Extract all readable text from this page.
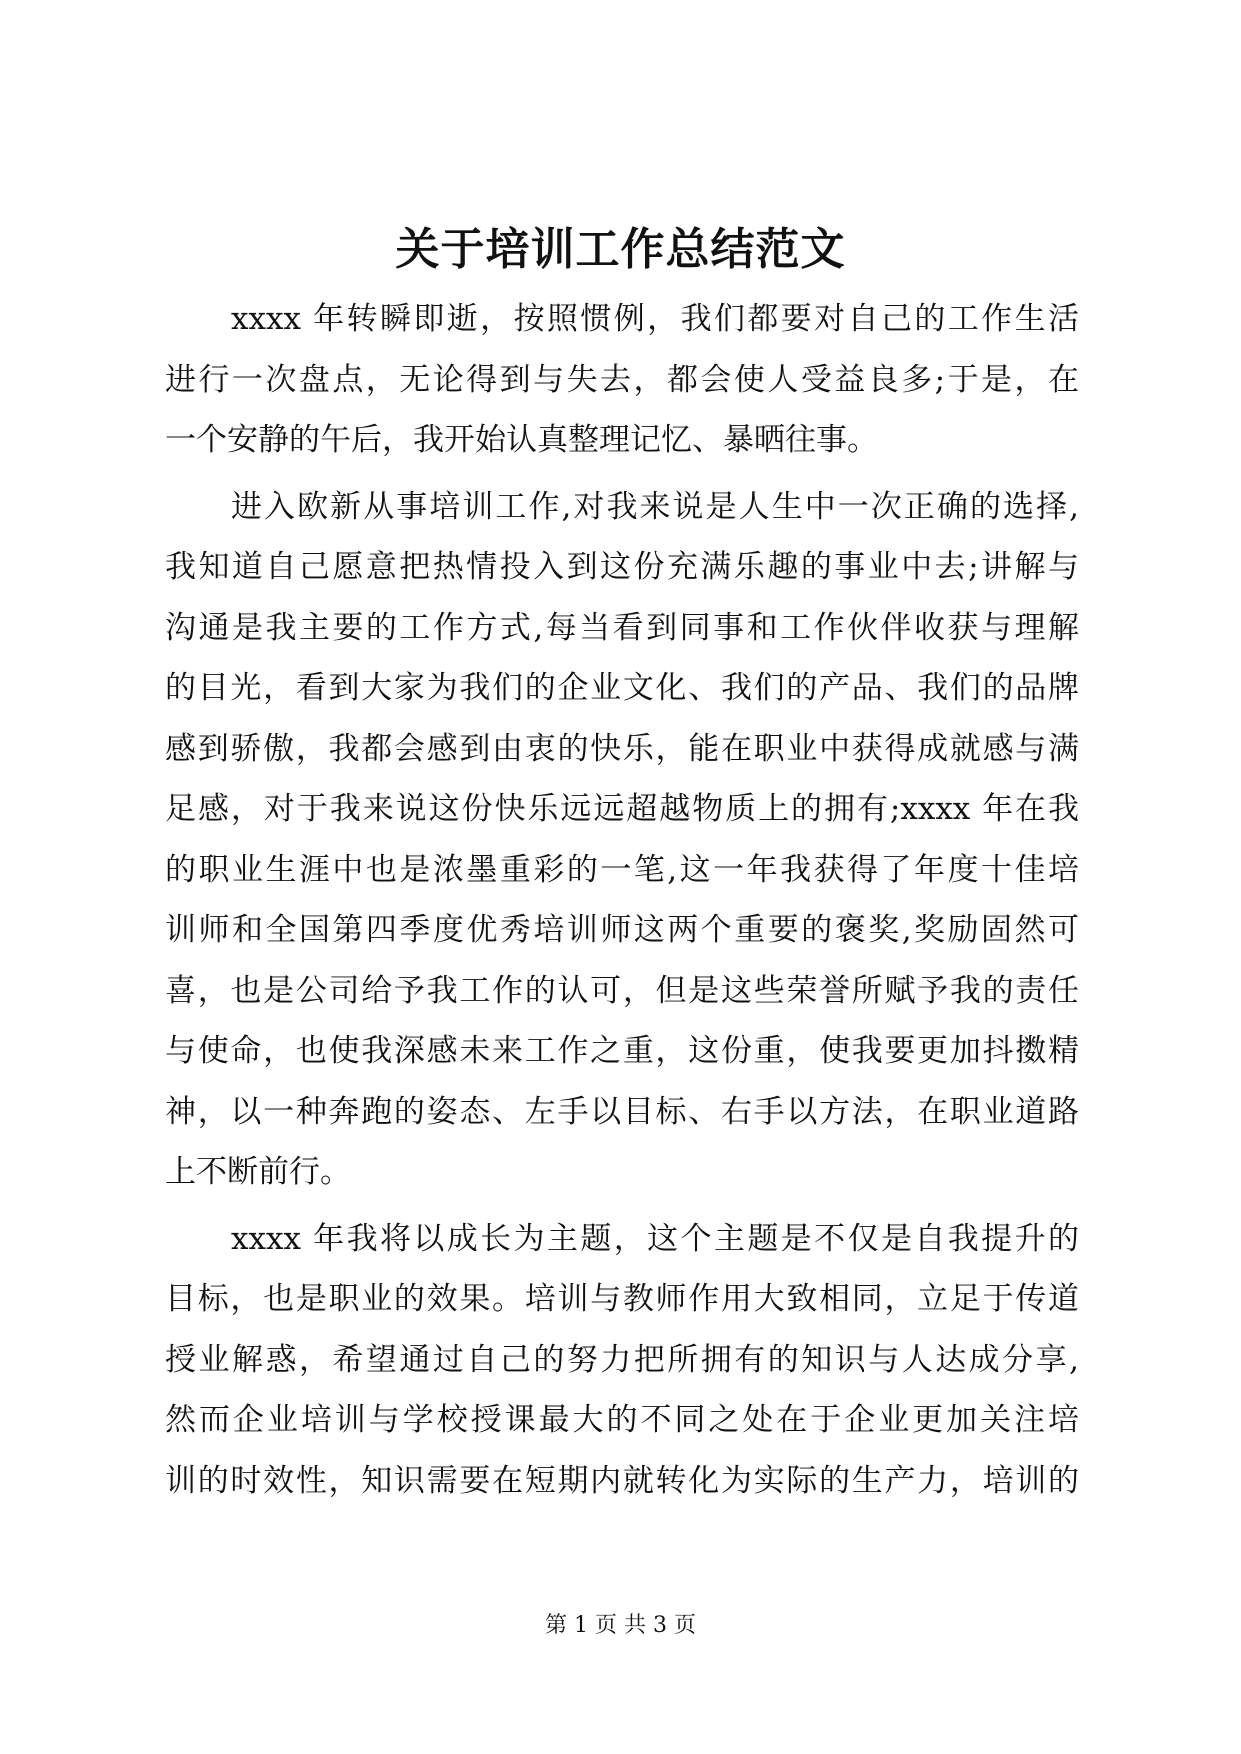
关于培训工作总结范文
xxxx 年转瞬即逝，按照惯例，我们都要对自己的工作生活
进行一次盘点，无论得到与失去，都会使人受益良多;于是，在
一个安静的午后，我开始认真整理记忆、暴晒往事。
进入欧新从事培训工作,对我来说是人生中一次正确的选择,
我知道自己愿意把热情投入到这份充满乐趣的事业中去;讲解与
沟通是我主要的工作方式,每当看到同事和工作伙伴收获与理解
的目光，看到大家为我们的企业文化、我们的产品、我们的品牌
感到骄傲，我都会感到由衷的快乐，能在职业中获得成就感与满
足感，对于我来说这份快乐远远超越物质上的拥有;xxxx 年在我
的职业生涯中也是浓墨重彩的一笔,这一年我获得了年度十佳培
训师和全国第四季度优秀培训师这两个重要的褒奖,奖励固然可
喜，也是公司给予我工作的认可，但是这些荣誉所赋予我的责任
与使命，也使我深感未来工作之重，这份重，使我要更加抖擞精
神，以一种奔跑的姿态、左手以目标、右手以方法，在职业道路
上不断前行。
xxxx 年我将以成长为主题，这个主题是不仅是自我提升的
目标，也是职业的效果。培训与教师作用大致相同，立足于传道
授业解惑，希望通过自己的努力把所拥有的知识与人达成分享,
然而企业培训与学校授课最大的不同之处在于企业更加关注培
训的时效性，知识需要在短期内就转化为实际的生产力，培训的
第 1 页 共 3 页
